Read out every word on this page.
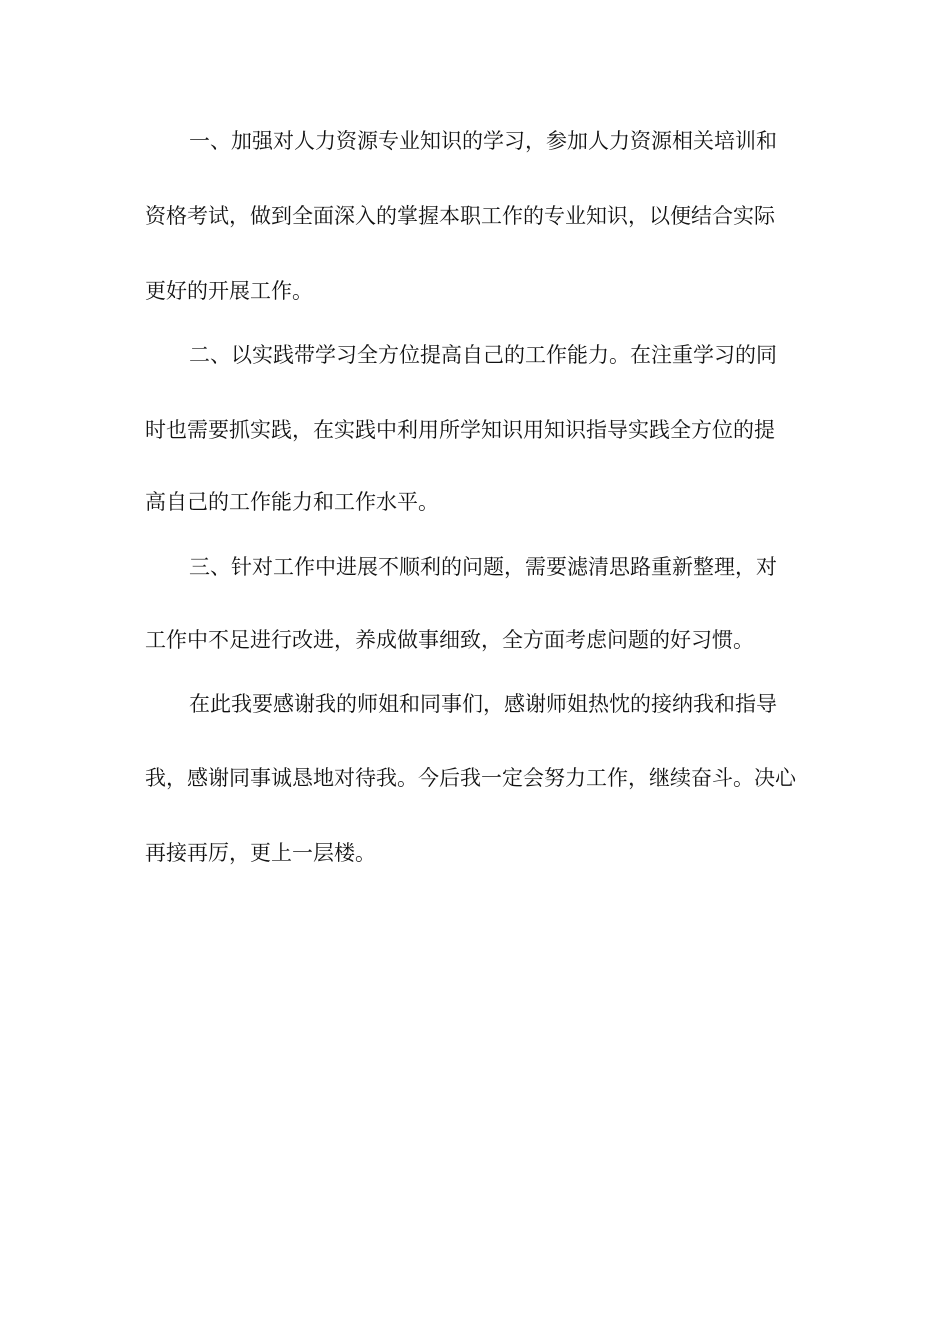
一、加强对人力资源专业知识的学习，参加人力资源相关培训和

资格考试，做到全面深入的掌握本职工作的专业知识，以便结合实际

更好的开展工作。

二、以实践带学习全方位提高自己的工作能力。在注重学习的同

时也需要抓实践，在实践中利用所学知识用知识指导实践全方位的提

高自己的工作能力和工作水平。

三、针对工作中进展不顺利的问题，需要滤清思路重新整理，对

工作中不足进行改进，养成做事细致，全方面考虑问题的好习惯。

在此我要感谢我的师姐和同事们，感谢师姐热忱的接纳我和指导

我，感谢同事诚恳地对待我。今后我一定会努力工作，继续奋斗。决心

再接再厉，更上一层楼。
